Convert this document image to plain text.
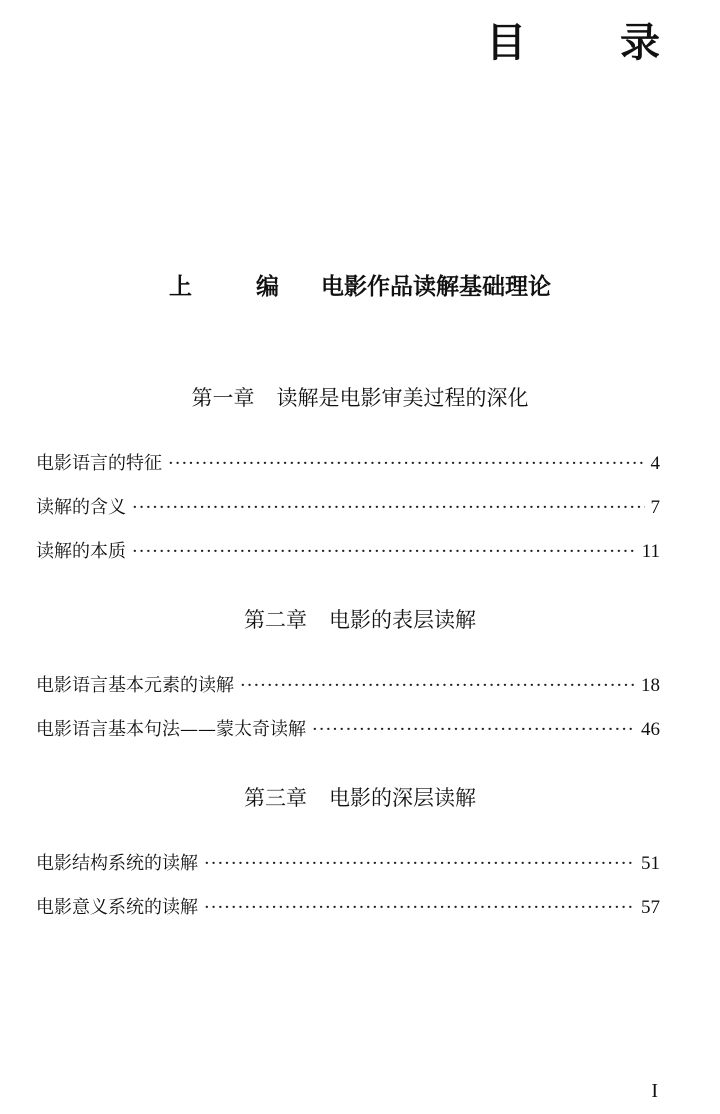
目 录
上 编 电影作品读解基础理论
第一章 读解是电影审美过程的深化
电影语言的特征 ·····	4
读解的含义 ·····	7
读解的本质 ·····	11
第二章 电影的表层读解
电影语言基本元素的读解 ·····	18
电影语言基本句法——蒙太奇读解 ·····	46
第三章 电影的深层读解
电影结构系统的读解 ·····	51
电影意义系统的读解 ·····	57
I
